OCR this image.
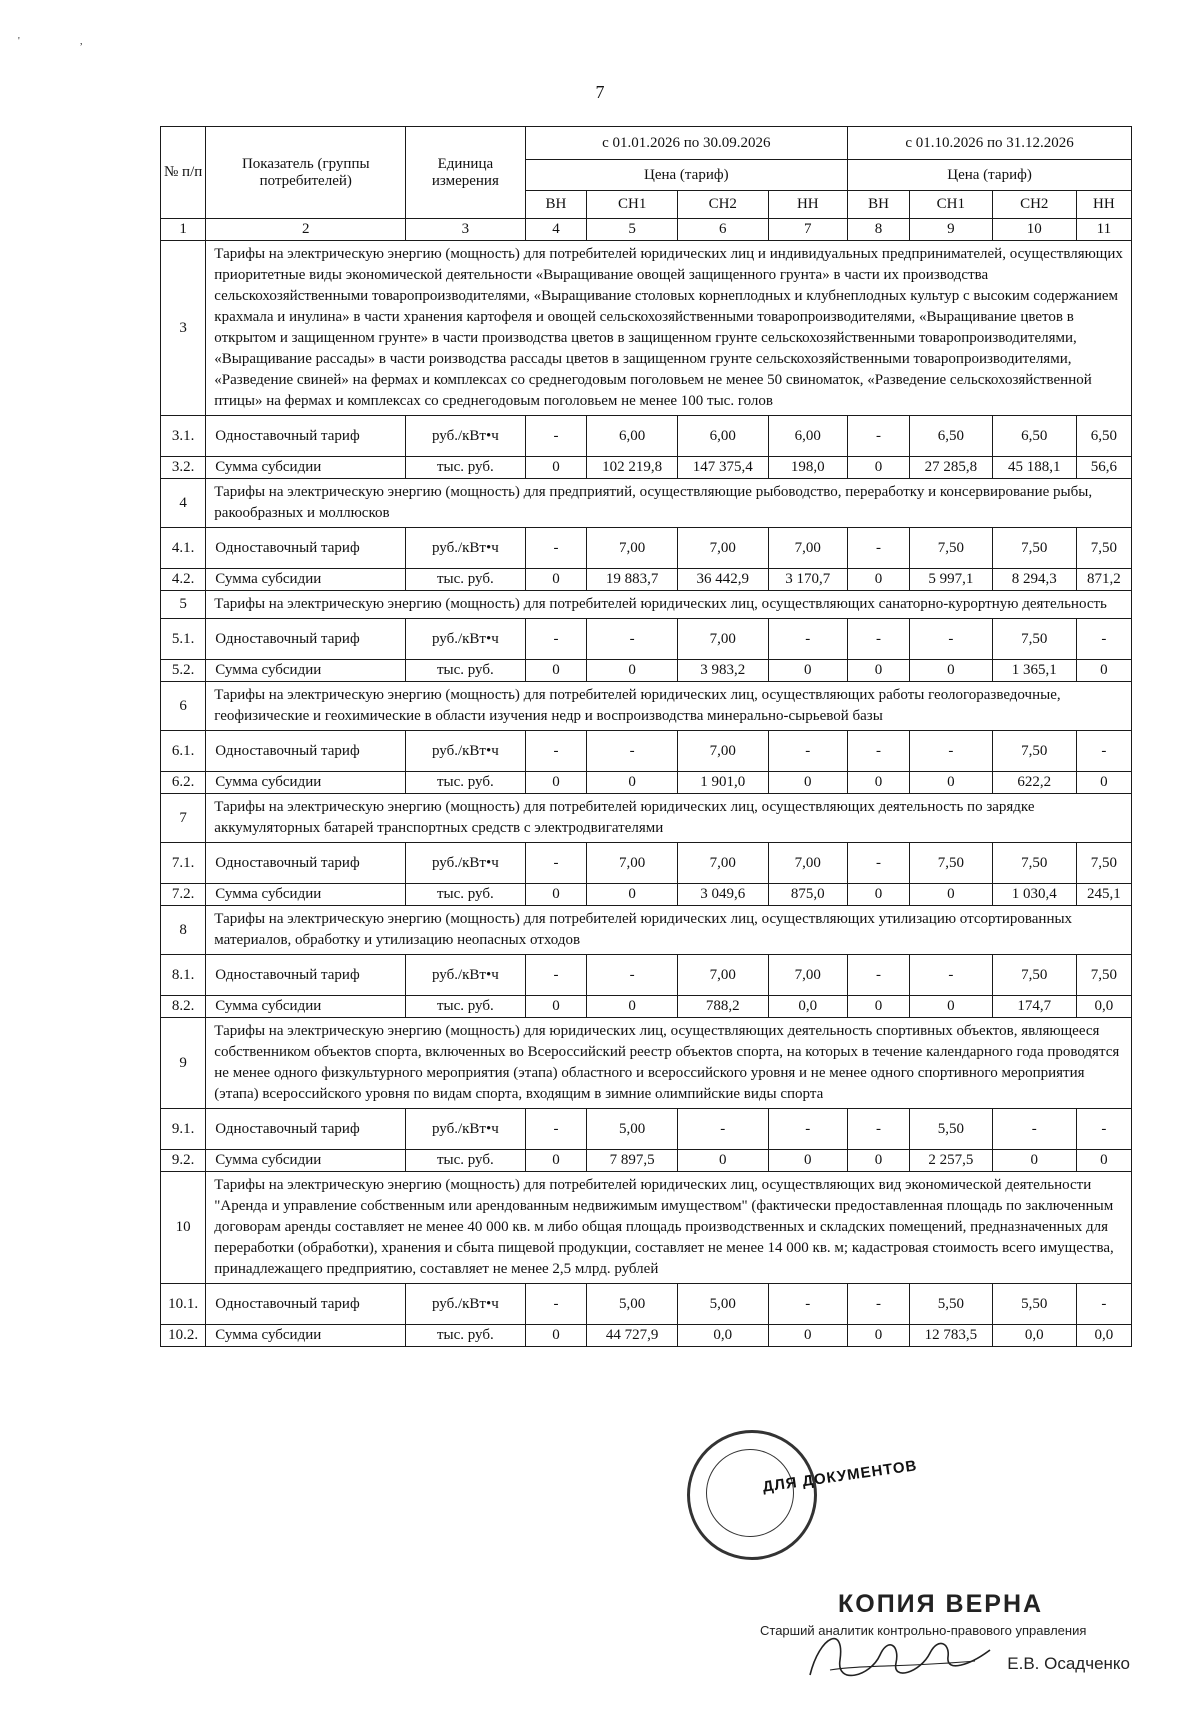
'	,
7
№ п/п	Показатель (группы потребителей)	Единица измерения	с 01.01.2026 по 30.09.2026				с 01.10.2026 по 31.12.2026			
			Цена (тариф)				Цена (тариф)			
			ВН	СН1	СН2	НН	ВН	СН1	СН2	НН
1	2	3	4	5	6	7	8	9	10	11
3	Тарифы на электрическую энергию (мощность) для потребителей юридических лиц и индивидуальных предпринимателей, осуществляющих приоритетные виды экономической деятельности «Выращивание овощей защищенного грунта» в части их производства сельскохозяйственными товаропроизводителями, «Выращивание столовых корнеплодных и клубнеплодных культур с высоким содержанием крахмала и инулина» в части хранения картофеля и овощей сельскохозяйственными товаропроизводителями, «Выращивание цветов в открытом и защищенном грунте» в части производства цветов в защищенном грунте сельскохозяйственными товаропроизводителями, «Выращивание рассады» в части роизводства рассады цветов в защищенном грунте сельскохозяйственными товаропроизводителями, «Разведение свиней» на фермах и комплексах со среднегодовым поголовьем не менее 50 свиноматок, «Разведение сельскохозяйственной птицы» на фермах и комплексах со среднегодовым поголовьем не менее 100 тыс. голов									
3.1.	Одноставочный тариф	руб./кВт•ч	-	6,00	6,00	6,00	-	6,50	6,50	6,50
3.2.	Сумма субсидии	тыс. руб.	0	102 219,8	147 375,4	198,0	0	27 285,8	45 188,1	56,6
4	Тарифы на электрическую энергию (мощность) для предприятий, осуществляющие рыбоводство, переработку и консервирование рыбы, ракообразных и моллюсков									
4.1.	Одноставочный тариф	руб./кВт•ч	-	7,00	7,00	7,00	-	7,50	7,50	7,50
4.2.	Сумма субсидии	тыс. руб.	0	19 883,7	36 442,9	3 170,7	0	5 997,1	8 294,3	871,2
5	Тарифы на электрическую энергию (мощность) для потребителей юридических лиц, осуществляющих санаторно-курортную деятельность									
5.1.	Одноставочный тариф	руб./кВт•ч	-	-	7,00	-	-	-	7,50	-
5.2.	Сумма субсидии	тыс. руб.	0	0	3 983,2	0	0	0	1 365,1	0
6	Тарифы на электрическую энергию (мощность) для потребителей юридических лиц, осуществляющих работы геологоразведочные, геофизические и геохимические в области изучения недр и воспроизводства минерально-сырьевой базы									
6.1.	Одноставочный тариф	руб./кВт•ч	-	-	7,00	-	-	-	7,50	-
6.2.	Сумма субсидии	тыс. руб.	0	0	1 901,0	0	0	0	622,2	0
7	Тарифы на электрическую энергию (мощность) для потребителей юридических лиц, осуществляющих деятельность по зарядке аккумуляторных батарей транспортных средств с электродвигателями									
7.1.	Одноставочный тариф	руб./кВт•ч	-	7,00	7,00	7,00	-	7,50	7,50	7,50
7.2.	Сумма субсидии	тыс. руб.	0	0	3 049,6	875,0	0	0	1 030,4	245,1
8	Тарифы на электрическую энергию (мощность) для потребителей юридических лиц, осуществляющих утилизацию отсортированных материалов, обработку и утилизацию неопасных отходов									
8.1.	Одноставочный тариф	руб./кВт•ч	-	-	7,00	7,00	-	-	7,50	7,50
8.2.	Сумма субсидии	тыс. руб.	0	0	788,2	0,0	0	0	174,7	0,0
9	Тарифы на электрическую энергию (мощность) для юридических лиц, осуществляющих деятельность спортивных объектов, являющееся собственником объектов спорта, включенных во Всероссийский реестр объектов спорта, на которых в течение календарного года проводятся не менее одного физкультурного мероприятия (этапа) областного и всероссийского уровня и не менее одного спортивного мероприятия (этапа) всероссийского уровня по видам спорта, входящим в зимние олимпийские виды спорта									
9.1.	Одноставочный тариф	руб./кВт•ч	-	5,00	-	-	-	5,50	-	-
9.2.	Сумма субсидии	тыс. руб.	0	7 897,5	0	0	0	2 257,5	0	0
10	Тарифы на электрическую энергию (мощность) для потребителей юридических лиц, осуществляющих вид экономической деятельности "Аренда и управление собственным или арендованным недвижимым имуществом" (фактически предоставленная площадь по заключенным договорам аренды составляет не менее 40 000 кв. м либо общая площадь производственных и складских помещений, предназначенных для переработки (обработки), хранения и сбыта пищевой продукции, составляет не менее 14 000 кв. м; кадастровая стоимость всего имущества, принадлежащего предприятию, составляет не менее 2,5 млрд. рублей									
10.1.	Одноставочный тариф	руб./кВт•ч	-	5,00	5,00	-	-	5,50	5,50	-
10.2.	Сумма субсидии	тыс. руб.	0	44 727,9	0,0	0	0	12 783,5	0,0	0,0
ДЛЯ ДОКУМЕНТОВ
КОПИЯ ВЕРНА
Старший аналитик контрольно-правового управления
Е.В. Осадченко
